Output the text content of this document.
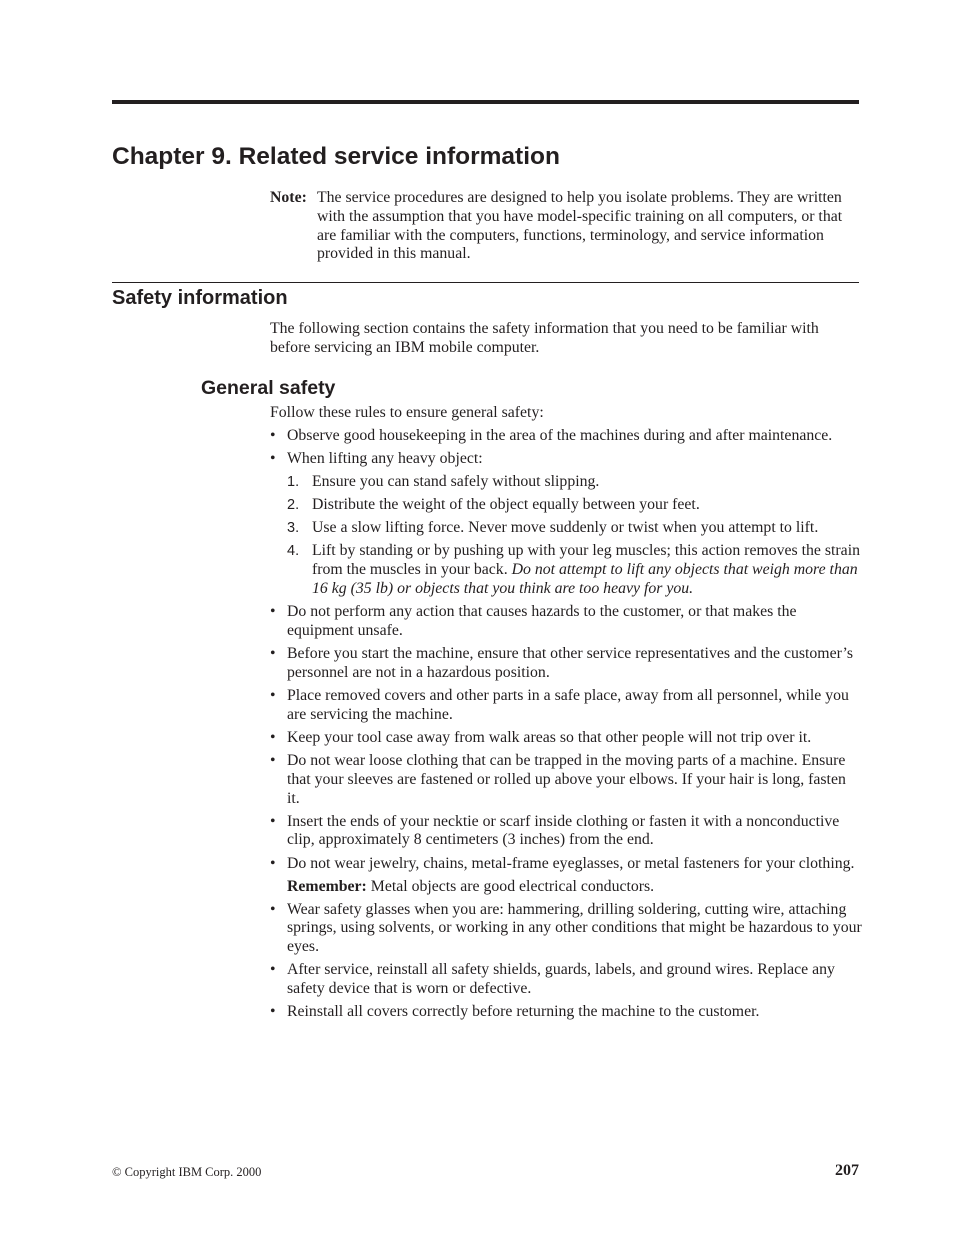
Chapter 9. Related service information
Note: The service procedures are designed to help you isolate problems. They are written with the assumption that you have model-specific training on all computers, or that are familiar with the computers, functions, terminology, and service information provided in this manual.
Safety information

The following section contains the safety information that you need to be familiar with before servicing an IBM mobile computer.

General safety

Follow these rules to ensure general safety:

• Observe good housekeeping in the area of the machines during and after maintenance.
• When lifting any heavy object:
1. Ensure you can stand safely without slipping.
2. Distribute the weight of the object equally between your feet.
3. Use a slow lifting force. Never move suddenly or twist when you attempt to lift.
4. Lift by standing or by pushing up with your leg muscles; this action removes the strain from the muscles in your back. Do not attempt to lift any objects that weigh more than 16 kg (35 lb) or objects that you think are too heavy for you.
• Do not perform any action that causes hazards to the customer, or that makes the equipment unsafe.
• Before you start the machine, ensure that other service representatives and the customer’s personnel are not in a hazardous position.
• Place removed covers and other parts in a safe place, away from all personnel, while you are servicing the machine.
• Keep your tool case away from walk areas so that other people will not trip over it.
• Do not wear loose clothing that can be trapped in the moving parts of a machine. Ensure that your sleeves are fastened or rolled up above your elbows. If your hair is long, fasten it.
• Insert the ends of your necktie or scarf inside clothing or fasten it with a nonconductive clip, approximately 8 centimeters (3 inches) from the end.
• Do not wear jewelry, chains, metal-frame eyeglasses, or metal fasteners for your clothing.
Remember: Metal objects are good electrical conductors.
• Wear safety glasses when you are: hammering, drilling soldering, cutting wire, attaching springs, using solvents, or working in any other conditions that might be hazardous to your eyes.
• After service, reinstall all safety shields, guards, labels, and ground wires. Replace any safety device that is worn or defective.
• Reinstall all covers correctly before returning the machine to the customer.
© Copyright IBM Corp. 2000	207
